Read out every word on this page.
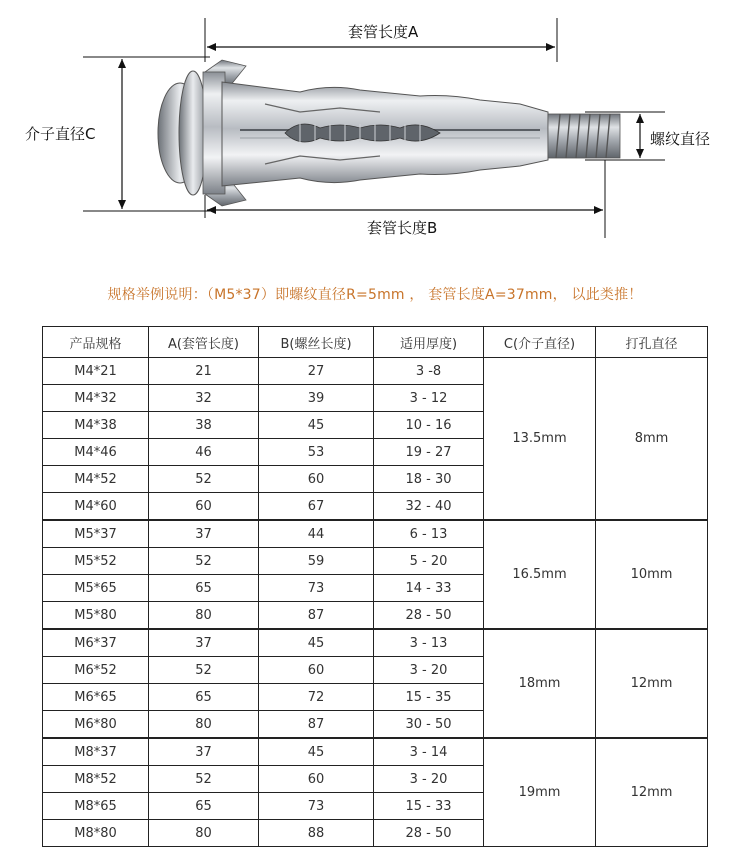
套管长度A
介子直径C	螺纹直径
套管长度B
规格举例说明：（M5*37）即螺纹直径R=5mm ， 套管长度A=37mm， 以此类推！
产品规格	A(套管长度)	B(螺丝长度)	适用厚度)	C(介子直径)	打孔直径
M4*21	21	27	3 -8	13.5mm	8mm
M4*32	32	39	3 - 12		
M4*38	38	45	10 - 16		
M4*46	46	53	19 - 27		
M4*52	52	60	18 - 30		
M4*60	60	67	32 - 40		
M5*37	37	44	6 - 13	16.5mm	10mm
M5*52	52	59	5 - 20		
M5*65	65	73	14 - 33		
M5*80	80	87	28 - 50		
M6*37	37	45	3 - 13	18mm	12mm
M6*52	52	60	3 - 20		
M6*65	65	72	15 - 35		
M6*80	80	87	30 - 50		
M8*37	37	45	3 - 14	19mm	12mm
M8*52	52	60	3 - 20		
M8*65	65	73	15 - 33		
M8*80	80	88	28 - 50		
